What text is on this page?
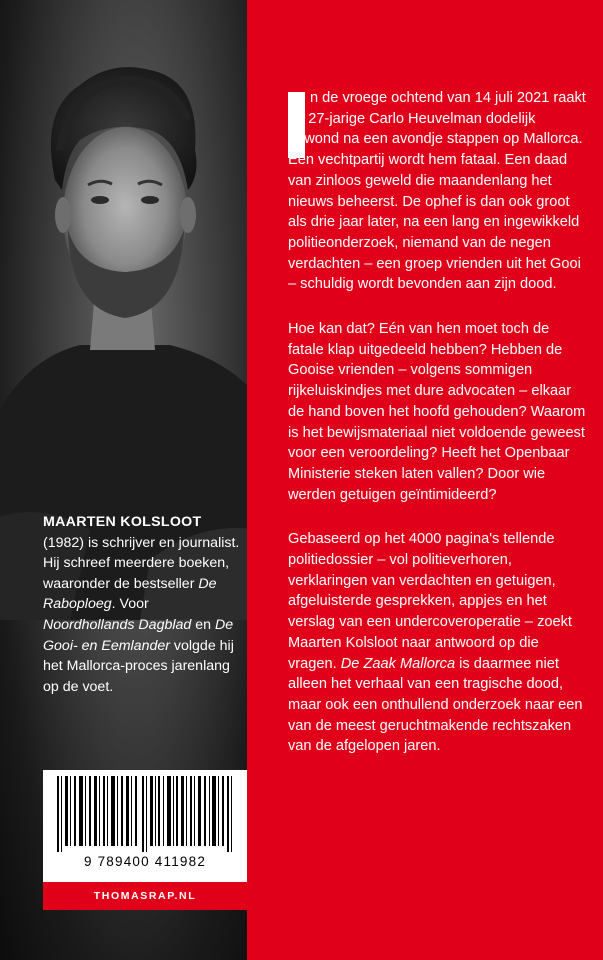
MAARTEN KOLSLOOT (1982) is schrijver en journalist. Hij schreef meerdere boeken, waaronder de bestseller De Raboploeg. Voor Noordhollands Dagblad en De Gooi- en Eemlander volgde hij het Mallorca-proces jarenlang op de voet.
9 789400 411982
THOMASRAP.NL

n de vroege ochtend van 14 juli 2021 raakt de 27-jarige Carlo Heuvelman dodelijk gewond na een avondje stappen op Mallorca. Een vechtpartij wordt hem fataal. Een daad van zinloos geweld die maandenlang het nieuws beheerst. De ophef is dan ook groot als drie jaar later, na een lang en ingewikkeld politieonderzoek, niemand van de negen verdachten – een groep vrienden uit het Gooi – schuldig wordt bevonden aan zijn dood.

Hoe kan dat? Eén van hen moet toch de fatale klap uitgedeeld hebben? Hebben de Gooise vrienden – volgens sommigen rijkeluiskindjes met dure advocaten – elkaar de hand boven het hoofd gehouden? Waarom is het bewijsmateriaal niet voldoende geweest voor een veroordeling? Heeft het Openbaar Ministerie steken laten vallen? Door wie werden getuigen geïntimideerd?

Gebaseerd op het 4000 pagina's tellende politiedossier – vol politieverhoren, verklaringen van verdachten en getuigen, afgeluisterde gesprekken, appjes en het verslag van een undercoveroperatie – zoekt Maarten Kolsloot naar antwoord op die vragen. De Zaak Mallorca is daarmee niet alleen het verhaal van een tragische dood, maar ook een onthullend onderzoek naar een van de meest geruchtmakende rechtszaken van de afgelopen jaren.
